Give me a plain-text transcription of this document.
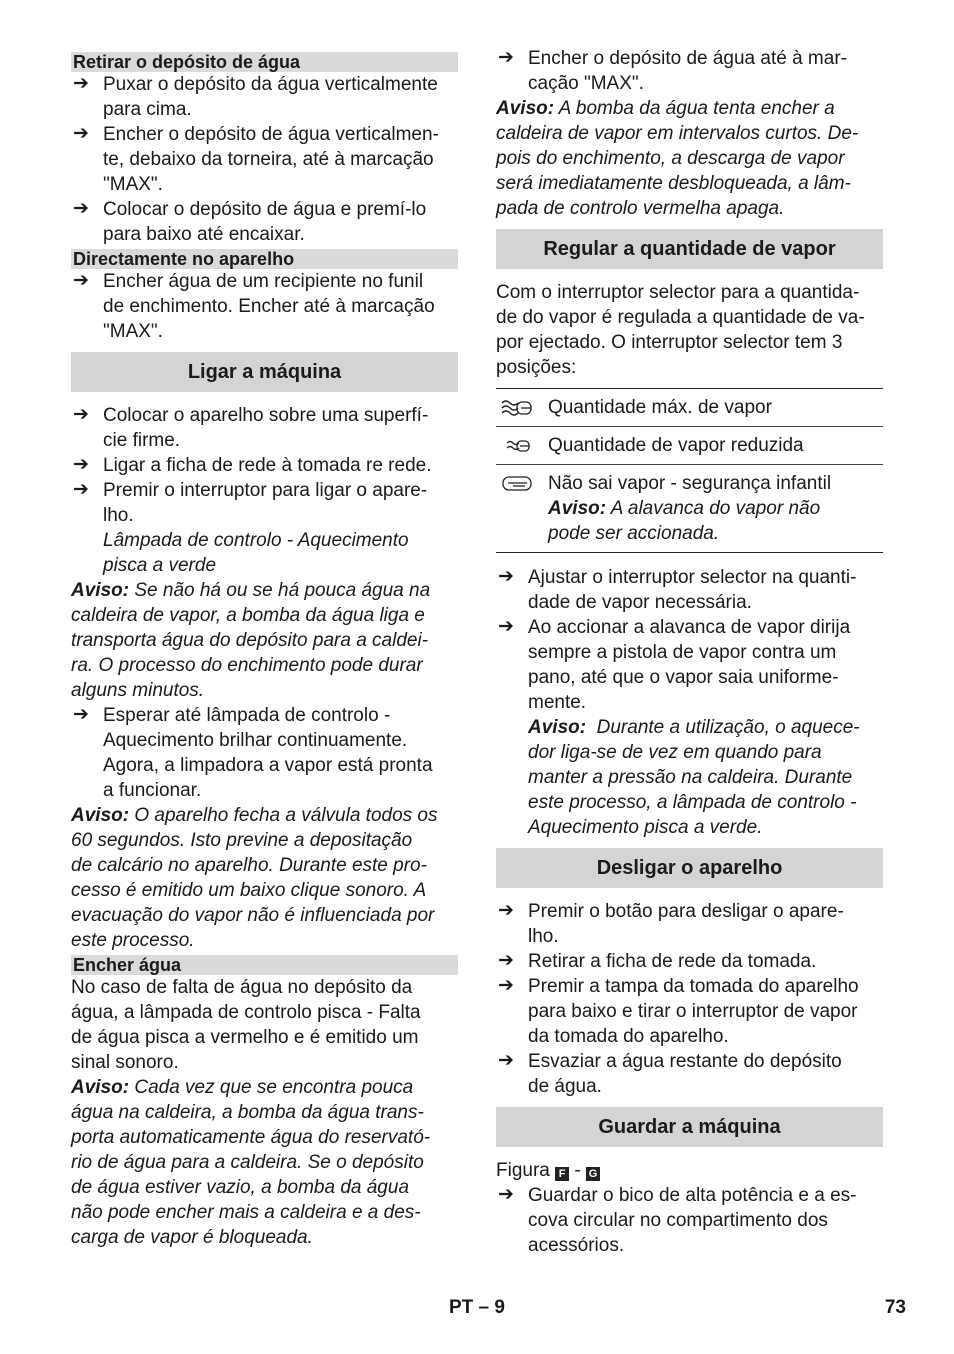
Retirar o depósito de água
➔ Puxar o depósito da água verticalmente
para cima.
➔ Encher o depósito de água verticalmen-
te, debaixo da torneira, até à marcação
"MAX".
➔ Colocar o depósito de água e premí-lo
para baixo até encaixar.
Directamente no aparelho
➔ Encher água de um recipiente no funil
de enchimento. Encher até à marcação
"MAX".
Ligar a máquina
➔ Colocar o aparelho sobre uma superfí-
cie firme.
➔ Ligar a ficha de rede à tomada re rede.
➔ Premir o interruptor para ligar o apare-
lho.
Lâmpada de controlo - Aquecimento
pisca a verde
Aviso: Se não há ou se há pouca água na
caldeira de vapor, a bomba da água liga e
transporta água do depósito para a caldei-
ra. O processo do enchimento pode durar
alguns minutos.
➔ Esperar até lâmpada de controlo -
Aquecimento brilhar continuamente.
Agora, a limpadora a vapor está pronta
a funcionar.
Aviso: O aparelho fecha a válvula todos os
60 segundos. Isto previne a depositação
de calcário no aparelho. Durante este pro-
cesso é emitido um baixo clique sonoro. A
evacuação do vapor não é influenciada por
este processo.
Encher água
No caso de falta de água no depósito da
água, a lâmpada de controlo pisca - Falta
de água pisca a vermelho e é emitido um
sinal sonoro.
Aviso: Cada vez que se encontra pouca
água na caldeira, a bomba da água trans-
porta automaticamente água do reservató-
rio de água para a caldeira. Se o depósito
de água estiver vazio, a bomba da água
não pode encher mais a caldeira e a des-
carga de vapor é bloqueada.
➔ Encher o depósito de água até à mar-
cação "MAX".
Aviso: A bomba da água tenta encher a
caldeira de vapor em intervalos curtos. De-
pois do enchimento, a descarga de vapor
será imediatamente desbloqueada, a lâm-
pada de controlo vermelha apaga.
Regular a quantidade de vapor
Com o interruptor selector para a quantida-
de do vapor é regulada a quantidade de va-
por ejectado. O interruptor selector tem 3
posições:
Quantidade máx. de vapor
Quantidade de vapor reduzida
Não sai vapor - segurança infantil
Aviso: A alavanca do vapor não
pode ser accionada.
➔ Ajustar o interruptor selector na quanti-
dade de vapor necessária.
➔ Ao accionar a alavanca de vapor dirija
sempre a pistola de vapor contra um
pano, até que o vapor saia uniforme-
mente.
Aviso:  Durante a utilização, o aquece-
dor liga-se de vez em quando para
manter a pressão na caldeira. Durante
este processo, a lâmpada de controlo -
Aquecimento pisca a verde.
Desligar o aparelho
➔ Premir o botão para desligar o apare-
lho.
➔ Retirar a ficha de rede da tomada.
➔ Premir a tampa da tomada do aparelho
para baixo e tirar o interruptor de vapor
da tomada do aparelho.
➔ Esvaziar a água restante do depósito
de água.
Guardar a máquina
Figura F - G
➔ Guardar o bico de alta potência e a es-
cova circular no compartimento dos
acessórios.
PT – 9	73
